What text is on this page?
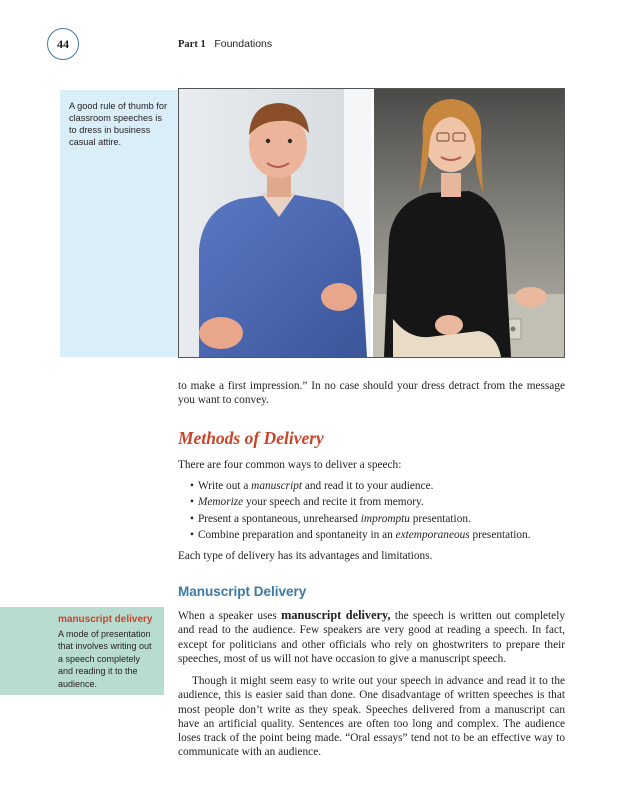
44	Part 1 Foundations
A good rule of thumb for classroom speeches is to dress in business casual attire.

to make a first impression.” In no case should your dress detract from the message you want to convey.

Methods of Delivery

There are four common ways to deliver a speech:

• Write out a manuscript and read it to your audience.
• Memorize your speech and recite it from memory.
• Present a spontaneous, unrehearsed impromptu presentation.
• Combine preparation and spontaneity in an extemporaneous presentation.

Each type of delivery has its advantages and limitations.

Manuscript Delivery
manuscript delivery
A mode of presentation that involves writing out a speech completely and reading it to the audience.

When a speaker uses manuscript delivery, the speech is written out completely and read to the audience. Few speakers are very good at reading a speech. In fact, except for politicians and other officials who rely on ghostwriters to prepare their speeches, most of us will not have occasion to give a manuscript speech.

Though it might seem easy to write out your speech in advance and read it to the audience, this is easier said than done. One disadvantage of written speeches is that most people don’t write as they speak. Speeches delivered from a manuscript can have an artificial quality. Sentences are often too long and complex. The audience loses track of the point being made. “Oral essays” tend not to be an effective way to communicate with an audience.
